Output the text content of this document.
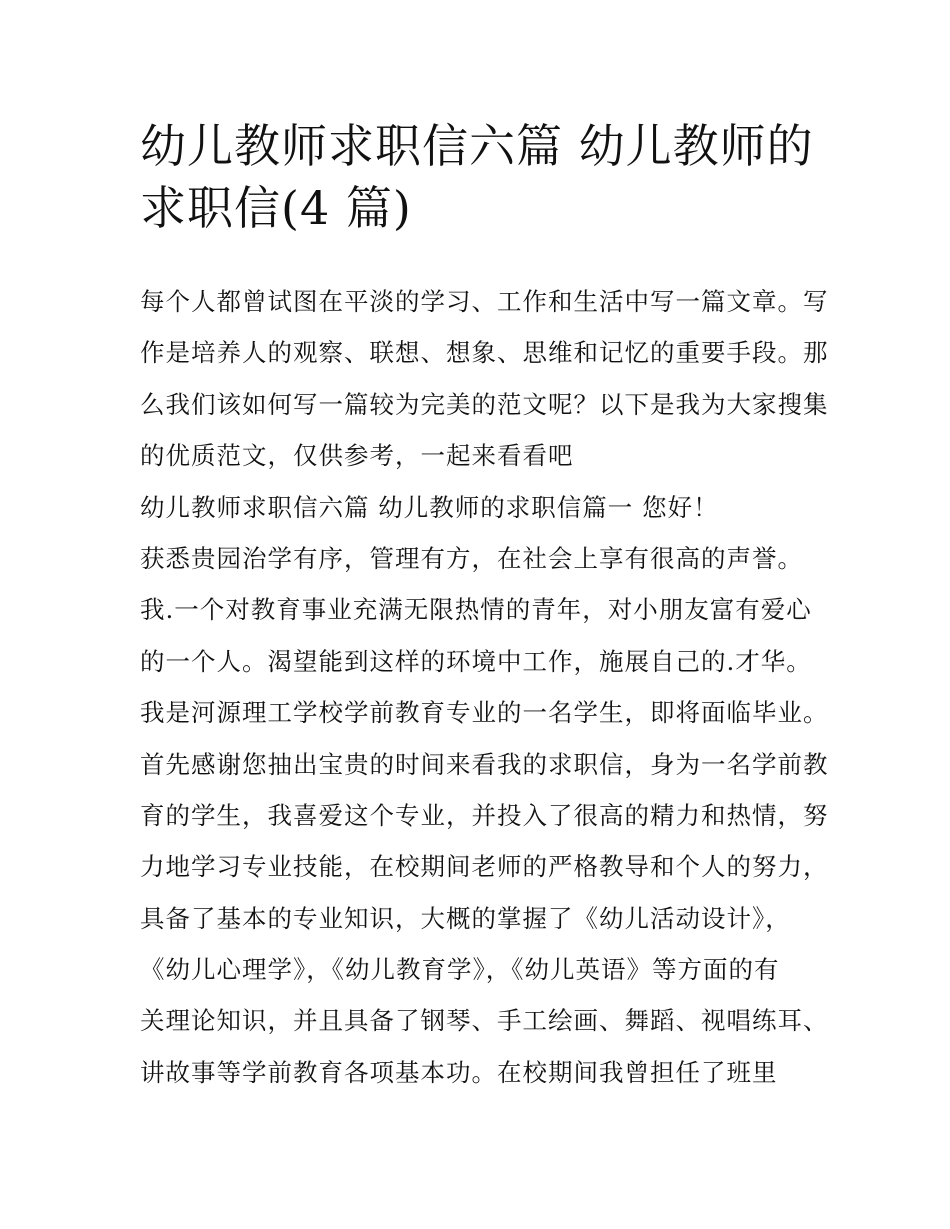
幼儿教师求职信六篇 幼儿教师的求职信(4 篇)
每个人都曾试图在平淡的学习、工作和生活中写一篇文章。写
作是培养人的观察、联想、想象、思维和记忆的重要手段。那
么我们该如何写一篇较为完美的范文呢？以下是我为大家搜集
的优质范文，仅供参考，一起来看看吧
幼儿教师求职信六篇 幼儿教师的求职信篇一 您好！
获悉贵园治学有序，管理有方，在社会上享有很高的声誉。
我.一个对教育事业充满无限热情的青年，对小朋友富有爱心
的一个人。渴望能到这样的环境中工作，施展自己的.才华。
我是河源理工学校学前教育专业的一名学生，即将面临毕业。
首先感谢您抽出宝贵的时间来看我的求职信，身为一名学前教
育的学生，我喜爱这个专业，并投入了很高的精力和热情，努
力地学习专业技能，在校期间老师的严格教导和个人的努力，
具备了基本的专业知识，大概的掌握了《幼儿活动设计》，
《幼儿心理学》，《幼儿教育学》，《幼儿英语》等方面的有
关理论知识，并且具备了钢琴、手工绘画、舞蹈、视唱练耳、
讲故事等学前教育各项基本功。在校期间我曾担任了班里
